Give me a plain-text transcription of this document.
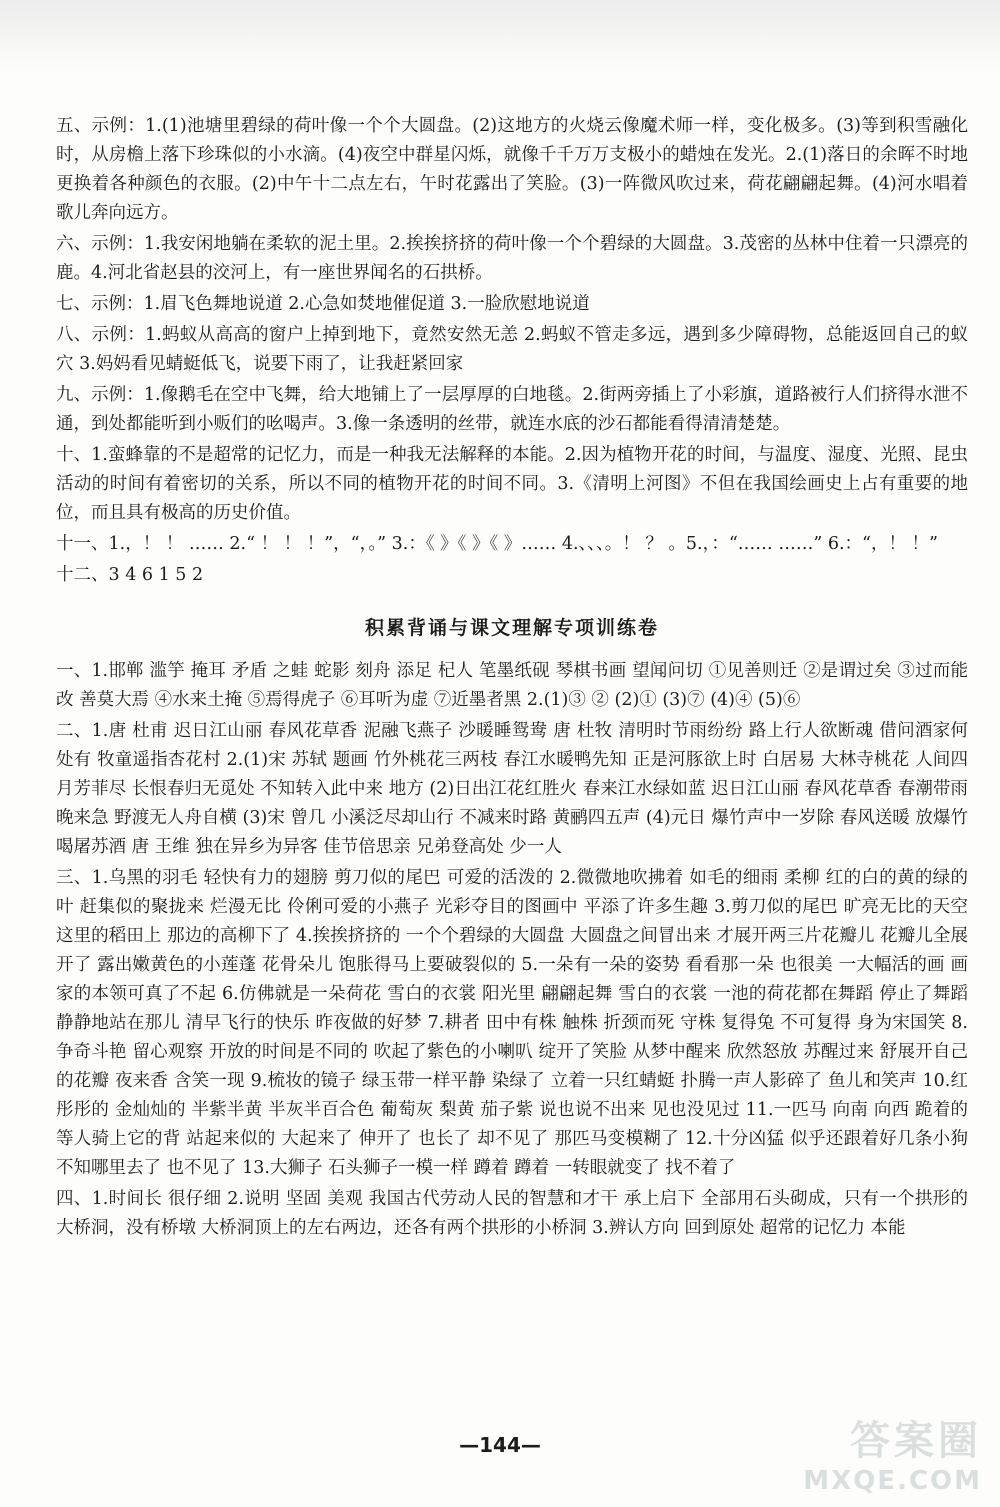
五、示例：1.(1)池塘里碧绿的荷叶像一个个大圆盘。(2)这地方的火烧云像魔术师一样，变化极多。(3)等到积雪融化时，从房檐上落下珍珠似的小水滴。(4)夜空中群星闪烁，就像千千万万支极小的蜡烛在发光。2.(1)落日的余晖不时地更换着各种颜色的衣服。(2)中午十二点左右，午时花露出了笑脸。(3)一阵微风吹过来，荷花翩翩起舞。(4)河水唱着歌儿奔向远方。

六、示例：1.我安闲地躺在柔软的泥土里。2.挨挨挤挤的荷叶像一个个碧绿的大圆盘。3.茂密的丛林中住着一只漂亮的鹿。4.河北省赵县的洨河上，有一座世界闻名的石拱桥。

七、示例：1.眉飞色舞地说道 2.心急如焚地催促道 3.一脸欣慰地说道

八、示例：1.蚂蚁从高高的窗户上掉到地下，竟然安然无恙 2.蚂蚁不管走多远，遇到多少障碍物，总能返回自己的蚁穴 3.妈妈看见蜻蜓低飞，说要下雨了，让我赶紧回家

九、示例：1.像鹅毛在空中飞舞，给大地铺上了一层厚厚的白地毯。2.街两旁插上了小彩旗，道路被行人们挤得水泄不通，到处都能听到小贩们的吆喝声。3.像一条透明的丝带，就连水底的沙石都能看得清清楚楚。

十、1.蛮蜂靠的不是超常的记忆力，而是一种我无法解释的本能。2.因为植物开花的时间，与温度、湿度、光照、昆虫活动的时间有着密切的关系，所以不同的植物开花的时间不同。3.《清明上河图》不但在我国绘画史上占有重要的地位，而且具有极高的历史价值。

十一、1.，！ ！ …… 2.“ ！ ！ ！”，“，。” 3.：《 》《 》《 》…… 4.、、、。！ ？ 。5.，：“…… ……” 6.：“，！ ！”

十二、3 4 6 1 5 2

积累背诵与课文理解专项训练卷

一、1.邯郸 滥竽 掩耳 矛盾 之蛙 蛇影 刻舟 添足 杞人 笔墨纸砚 琴棋书画 望闻问切 ①见善则迁 ②是谓过矣 ③过而能改 善莫大焉 ④水来土掩 ⑤焉得虎子 ⑥耳听为虚 ⑦近墨者黑 2.(1)③ ② (2)① (3)⑦ (4)④ (5)⑥

二、1.唐 杜甫 迟日江山丽 春风花草香 泥融飞燕子 沙暖睡鸳鸯 唐 杜牧 清明时节雨纷纷 路上行人欲断魂 借问酒家何处有 牧童遥指杏花村 2.(1)宋 苏轼 题画 竹外桃花三两枝 春江水暖鸭先知 正是河豚欲上时 白居易 大林寺桃花 人间四月芳菲尽 长恨春归无觅处 不知转入此中来 地方 (2)日出江花红胜火 春来江水绿如蓝 迟日江山丽 春风花草香 春潮带雨晚来急 野渡无人舟自横 (3)宋 曾几 小溪泛尽却山行 不减来时路 黄鹂四五声 (4)元日 爆竹声中一岁除 春风送暖 放爆竹 喝屠苏酒 唐 王维 独在异乡为异客 佳节倍思亲 兄弟登高处 少一人

三、1.乌黑的羽毛 轻快有力的翅膀 剪刀似的尾巴 可爱的活泼的 2.微微地吹拂着 如毛的细雨 柔柳 红的白的黄的绿的叶 赶集似的聚拢来 烂漫无比 伶俐可爱的小燕子 光彩夺目的图画中 平添了许多生趣 3.剪刀似的尾巴 旷亮无比的天空 这里的稻田上 那边的高柳下了 4.挨挨挤挤的 一个个碧绿的大圆盘 大圆盘之间冒出来 才展开两三片花瓣儿 花瓣儿全展开了 露出嫩黄色的小莲蓬 花骨朵儿 饱胀得马上要破裂似的 5.一朵有一朵的姿势 看看那一朵 也很美 一大幅活的画 画家的本领可真了不起 6.仿佛就是一朵荷花 雪白的衣裳 阳光里 翩翩起舞 雪白的衣裳 一池的荷花都在舞蹈 停止了舞蹈 静静地站在那儿 清早飞行的快乐 昨夜做的好梦 7.耕者 田中有株 触株 折颈而死 守株 复得兔 不可复得 身为宋国笑 8.争奇斗艳 留心观察 开放的时间是不同的 吹起了紫色的小喇叭 绽开了笑脸 从梦中醒来 欣然怒放 苏醒过来 舒展开自己的花瓣 夜来香 含笑一现 9.梳妆的镜子 绿玉带一样平静 染绿了 立着一只红蜻蜓 扑腾一声人影碎了 鱼儿和笑声 10.红彤彤的 金灿灿的 半紫半黄 半灰半百合色 葡萄灰 梨黄 茄子紫 说也说不出来 见也没见过 11.一匹马 向南 向西 跪着的 等人骑上它的背 站起来似的 大起来了 伸开了 也长了 却不见了 那匹马变模糊了 12.十分凶猛 似乎还跟着好几条小狗 不知哪里去了 也不见了 13.大狮子 石头狮子一模一样 蹲着 蹲着 一转眼就变了 找不着了

四、1.时间长 很仔细 2.说明 坚固 美观 我国古代劳动人民的智慧和才干 承上启下 全部用石头砌成，只有一个拱形的大桥洞，没有桥墩 大桥洞顶上的左右两边，还各有两个拱形的小桥洞 3.辨认方向 回到原处 超常的记忆力 本能

—144—	答案圈
MXQE.COM
